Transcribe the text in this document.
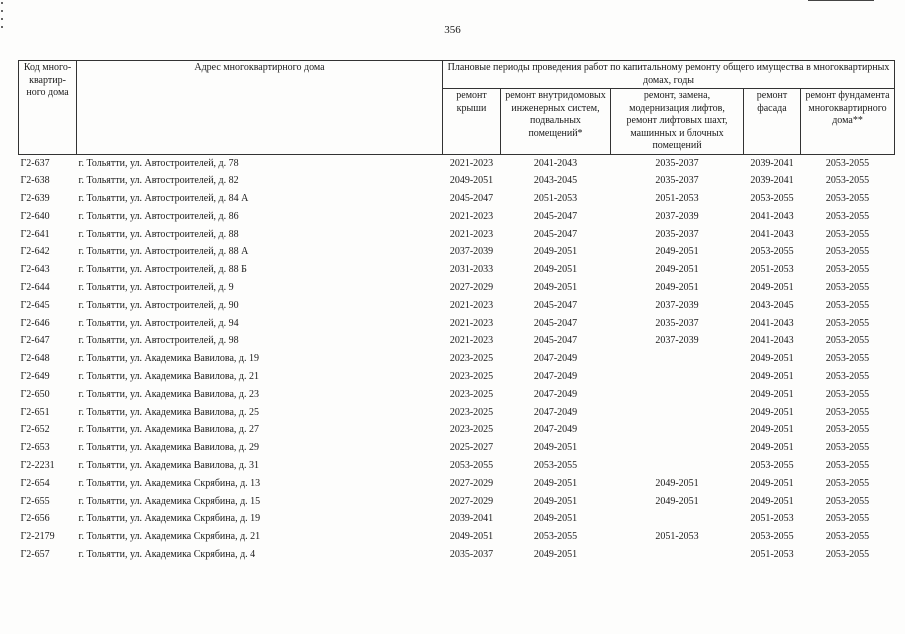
356
Код много-квартир-ного дома	Адрес многоквартирного дома	Плановые периоды проведения работ по капитальному ремонту общего имущества в многоквартирных домах, годы				
		ремонт крыши	ремонт внутридомовых инженерных систем, подвальных помещений*	ремонт, замена, модернизация лифтов, ремонт лифтовых шахт, машинных и блочных помещений	ремонт фасада	ремонт фундамента многоквартирного дома**
Г2-637	г. Тольятти, ул. Автостроителей, д. 78	2021-2023	2041-2043	2035-2037	2039-2041	2053-2055
Г2-638	г. Тольятти, ул. Автостроителей, д. 82	2049-2051	2043-2045	2035-2037	2039-2041	2053-2055
Г2-639	г. Тольятти, ул. Автостроителей, д. 84 А	2045-2047	2051-2053	2051-2053	2053-2055	2053-2055
Г2-640	г. Тольятти, ул. Автостроителей, д. 86	2021-2023	2045-2047	2037-2039	2041-2043	2053-2055
Г2-641	г. Тольятти, ул. Автостроителей, д. 88	2021-2023	2045-2047	2035-2037	2041-2043	2053-2055
Г2-642	г. Тольятти, ул. Автостроителей, д. 88 А	2037-2039	2049-2051	2049-2051	2053-2055	2053-2055
Г2-643	г. Тольятти, ул. Автостроителей, д. 88 Б	2031-2033	2049-2051	2049-2051	2051-2053	2053-2055
Г2-644	г. Тольятти, ул. Автостроителей, д. 9	2027-2029	2049-2051	2049-2051	2049-2051	2053-2055
Г2-645	г. Тольятти, ул. Автостроителей, д. 90	2021-2023	2045-2047	2037-2039	2043-2045	2053-2055
Г2-646	г. Тольятти, ул. Автостроителей, д. 94	2021-2023	2045-2047	2035-2037	2041-2043	2053-2055
Г2-647	г. Тольятти, ул. Автостроителей, д. 98	2021-2023	2045-2047	2037-2039	2041-2043	2053-2055
Г2-648	г. Тольятти, ул. Академика Вавилова, д. 19	2023-2025	2047-2049		2049-2051	2053-2055
Г2-649	г. Тольятти, ул. Академика Вавилова, д. 21	2023-2025	2047-2049		2049-2051	2053-2055
Г2-650	г. Тольятти, ул. Академика Вавилова, д. 23	2023-2025	2047-2049		2049-2051	2053-2055
Г2-651	г. Тольятти, ул. Академика Вавилова, д. 25	2023-2025	2047-2049		2049-2051	2053-2055
Г2-652	г. Тольятти, ул. Академика Вавилова, д. 27	2023-2025	2047-2049		2049-2051	2053-2055
Г2-653	г. Тольятти, ул. Академика Вавилова, д. 29	2025-2027	2049-2051		2049-2051	2053-2055
Г2-2231	г. Тольятти, ул. Академика Вавилова, д. 31	2053-2055	2053-2055		2053-2055	2053-2055
Г2-654	г. Тольятти, ул. Академика Скрябина, д. 13	2027-2029	2049-2051	2049-2051	2049-2051	2053-2055
Г2-655	г. Тольятти, ул. Академика Скрябина, д. 15	2027-2029	2049-2051	2049-2051	2049-2051	2053-2055
Г2-656	г. Тольятти, ул. Академика Скрябина, д. 19	2039-2041	2049-2051		2051-2053	2053-2055
Г2-2179	г. Тольятти, ул. Академика Скрябина, д. 21	2049-2051	2053-2055	2051-2053	2053-2055	2053-2055
Г2-657	г. Тольятти, ул. Академика Скрябина, д. 4	2035-2037	2049-2051		2051-2053	2053-2055
